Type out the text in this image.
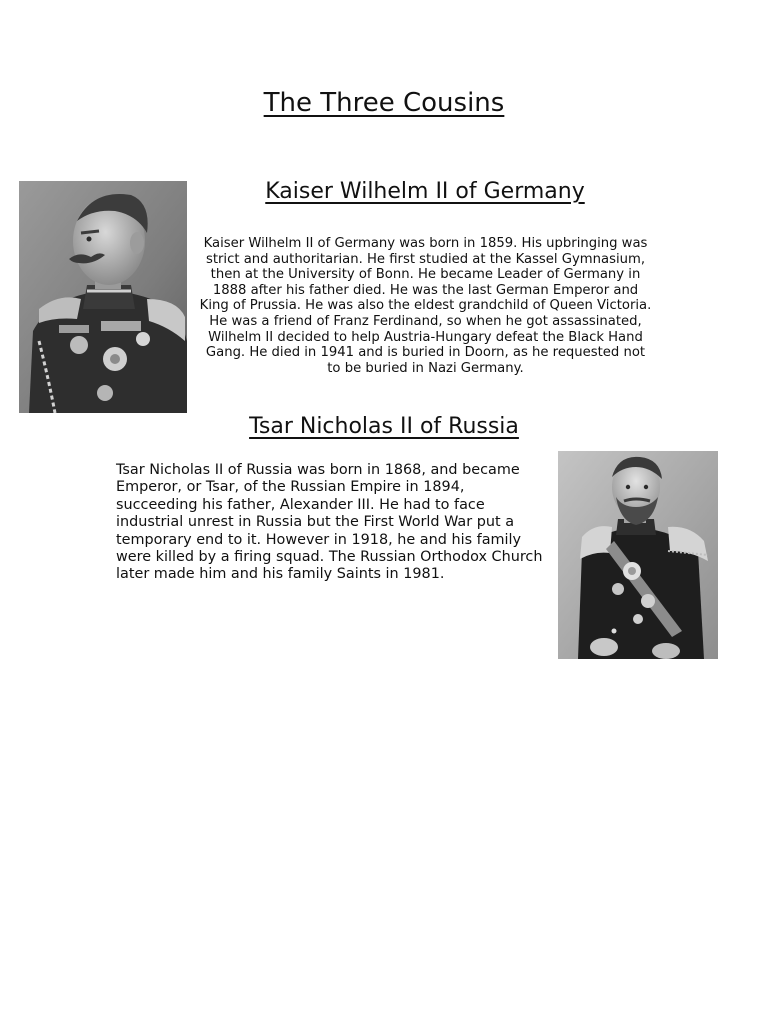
The Three Cousins
Kaiser Wilhelm II of Germany

Kaiser Wilhelm II of Germany was born in 1859. His upbringing was strict and authoritarian. He first studied at the Kassel Gymnasium, then at the University of Bonn. He became Leader of Germany in 1888 after his father died. He was the last German Emperor and King of Prussia. He was also the eldest grandchild of Queen Victoria. He was a friend of Franz Ferdinand, so when he got assassinated, Wilhelm II decided to help Austria-Hungary defeat the Black Hand Gang. He died in 1941 and is buried in Doorn, as he requested not to be buried in Nazi Germany.

Tsar Nicholas II of Russia

Tsar Nicholas II of Russia was born in 1868, and became Emperor, or Tsar, of the Russian Empire in 1894, succeeding his father, Alexander III. He had to face industrial unrest in Russia but the First World War put a temporary end to it. However in 1918, he and his family were killed by a firing squad. The Russian Orthodox Church later made him and his family Saints in 1981.
